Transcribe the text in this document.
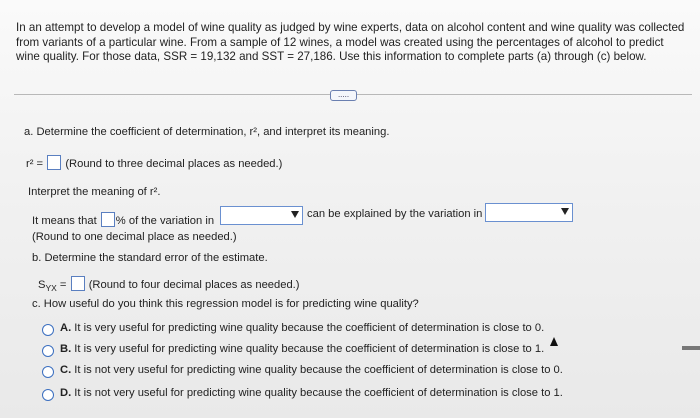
In an attempt to develop a model of wine quality as judged by wine experts, data on alcohol content and wine quality was collected
from variants of a particular wine. From a sample of 12 wines, a model was created using the percentages of alcohol to predict
wine quality. For those data, SSR = 19,132 and SST = 27,186. Use this information to complete parts (a) through (c) below.
.....
a. Determine the coefficient of determination, r², and interpret its meaning.
r² = (Round to three decimal places as needed.)
Interpret the meaning of r².
It means that % of the variation in
can be explained by the variation in
(Round to one decimal place as needed.)
b. Determine the standard error of the estimate.
$S_{YX}$ = (Round to four decimal places as needed.)
c. How useful do you think this regression model is for predicting wine quality?
A. It is very useful for predicting wine quality because the coefficient of determination is close to 0.
B. It is very useful for predicting wine quality because the coefficient of determination is close to 1.
C. It is not very useful for predicting wine quality because the coefficient of determination is close to 0.
D. It is not very useful for predicting wine quality because the coefficient of determination is close to 1.
